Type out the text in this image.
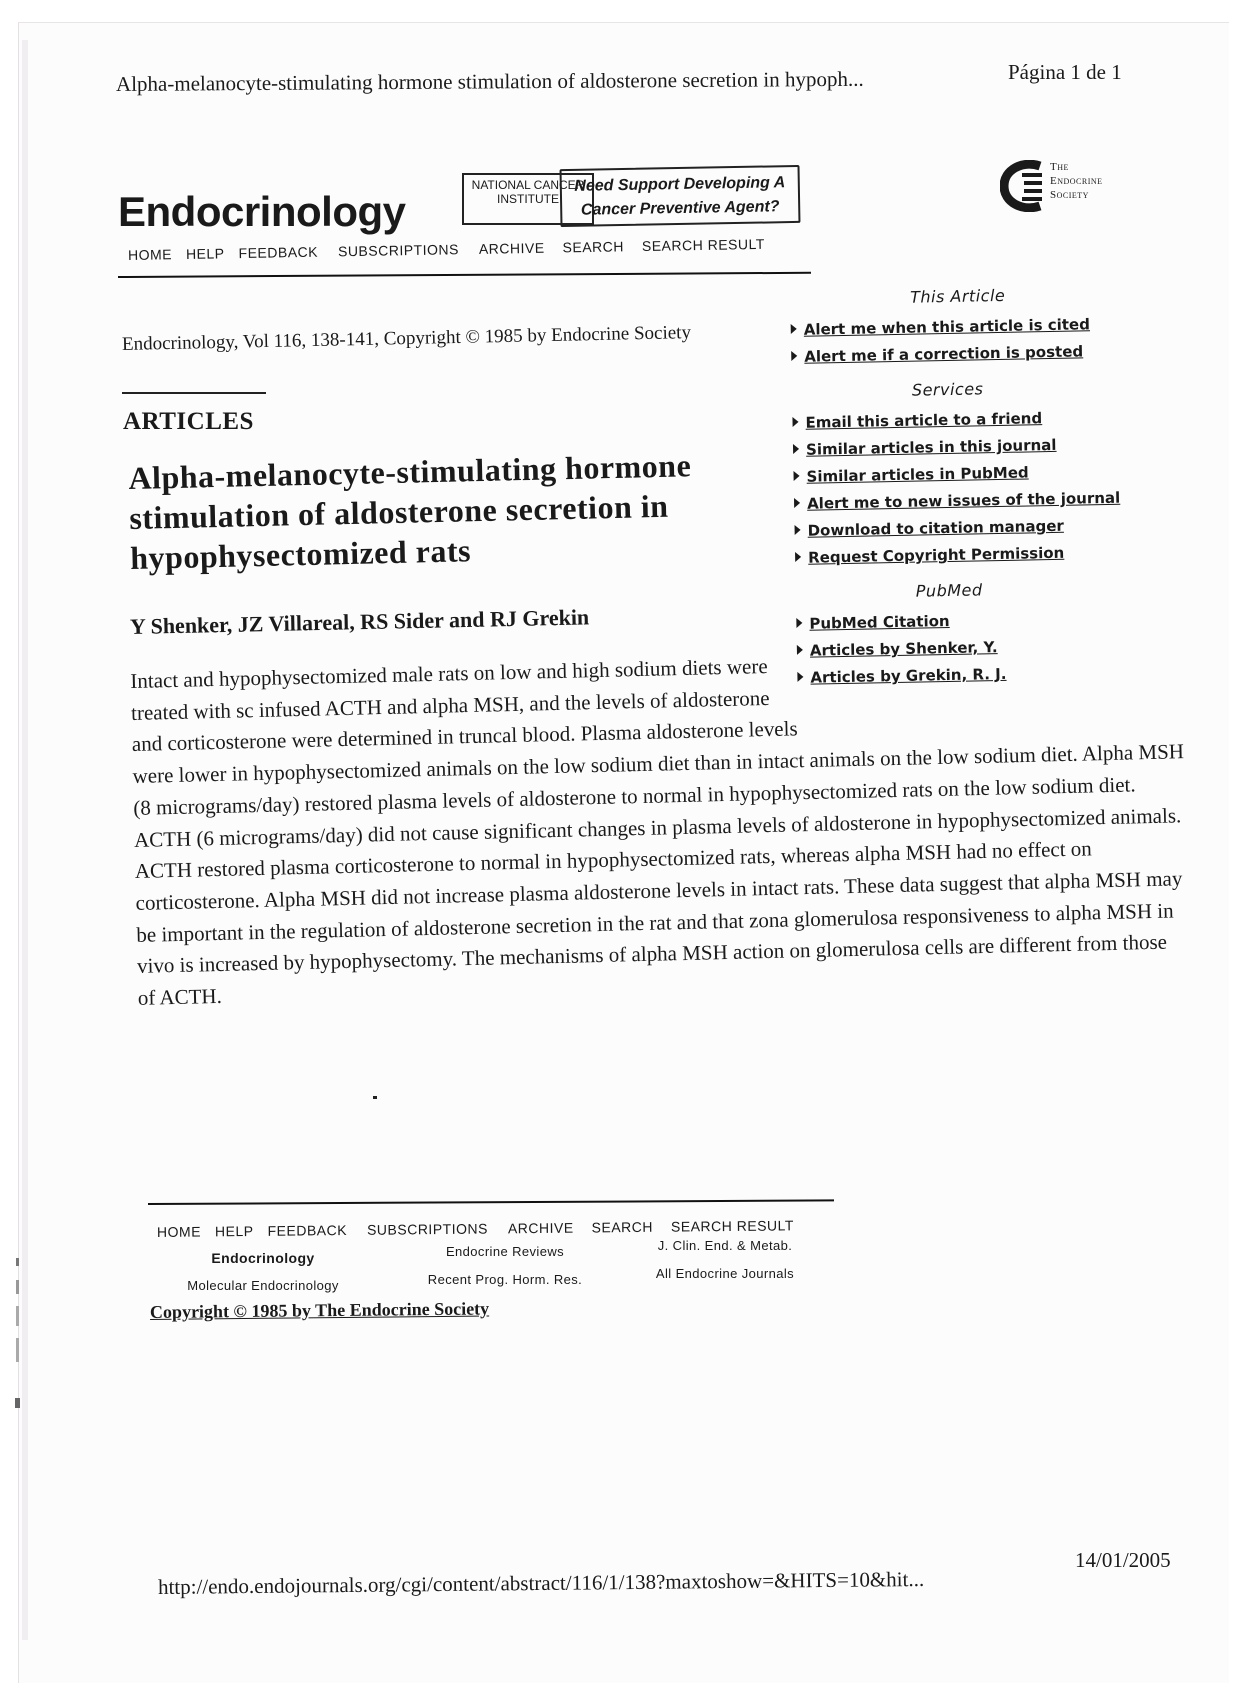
Alpha-melanocyte-stimulating hormone stimulation of aldosterone secretion in hypoph...	Página 1 de 1
Endocrinology
NATIONAL CANCER INSTITUTE
Need Support Developing A
Cancer Preventive Agent?
The
Endocrine
Society
HOME HELP FEEDBACK SUBSCRIPTIONS ARCHIVE SEARCH SEARCH RESULT
Endocrinology, Vol 116, 138-141, Copyright © 1985 by Endocrine Society
ARTICLES
Alpha-melanocyte-stimulating hormone stimulation of aldosterone secretion in hypophysectomized rats
Y Shenker, JZ Villareal, RS Sider and RJ Grekin

Intact and hypophysectomized male rats on low and high sodium diets were treated with sc infused ACTH and alpha MSH, and the levels of aldosterone and corticosterone were determined in truncal blood. Plasma aldosterone levels were lower in hypophysectomized animals on the low sodium diet than in intact animals on the low sodium diet. Alpha MSH (8 micrograms/day) restored plasma levels of aldosterone to normal in hypophysectomized rats on the low sodium diet. ACTH (6 micrograms/day) did not cause significant changes in plasma levels of aldosterone in hypophysectomized animals. ACTH restored plasma corticosterone to normal in hypophysectomized rats, whereas alpha MSH had no effect on corticosterone. Alpha MSH did not increase plasma aldosterone levels in intact rats. These data suggest that alpha MSH may be important in the regulation of aldosterone secretion in the rat and that zona glomerulosa responsiveness to alpha MSH in vivo is increased by hypophysectomy. The mechanisms of alpha MSH action on glomerulosa cells are different from those of ACTH.

This Article
Alert me when this article is cited
Alert me if a correction is posted
Services
Email this article to a friend
Similar articles in this journal
Similar articles in PubMed
Alert me to new issues of the journal
Download to citation manager
Request Copyright Permission
PubMed
PubMed Citation
Articles by Shenker, Y.
Articles by Grekin, R. J.
HOME HELP FEEDBACK SUBSCRIPTIONS ARCHIVE SEARCH SEARCH RESULT
Endocrinology
Molecular Endocrinology
Endocrine Reviews
Recent Prog. Horm. Res.
J. Clin. End. & Metab.
All Endocrine Journals
Copyright © 1985 by The Endocrine Society
http://endo.endojournals.org/cgi/content/abstract/116/1/138?maxtoshow=&HITS=10&hit...
14/01/2005
